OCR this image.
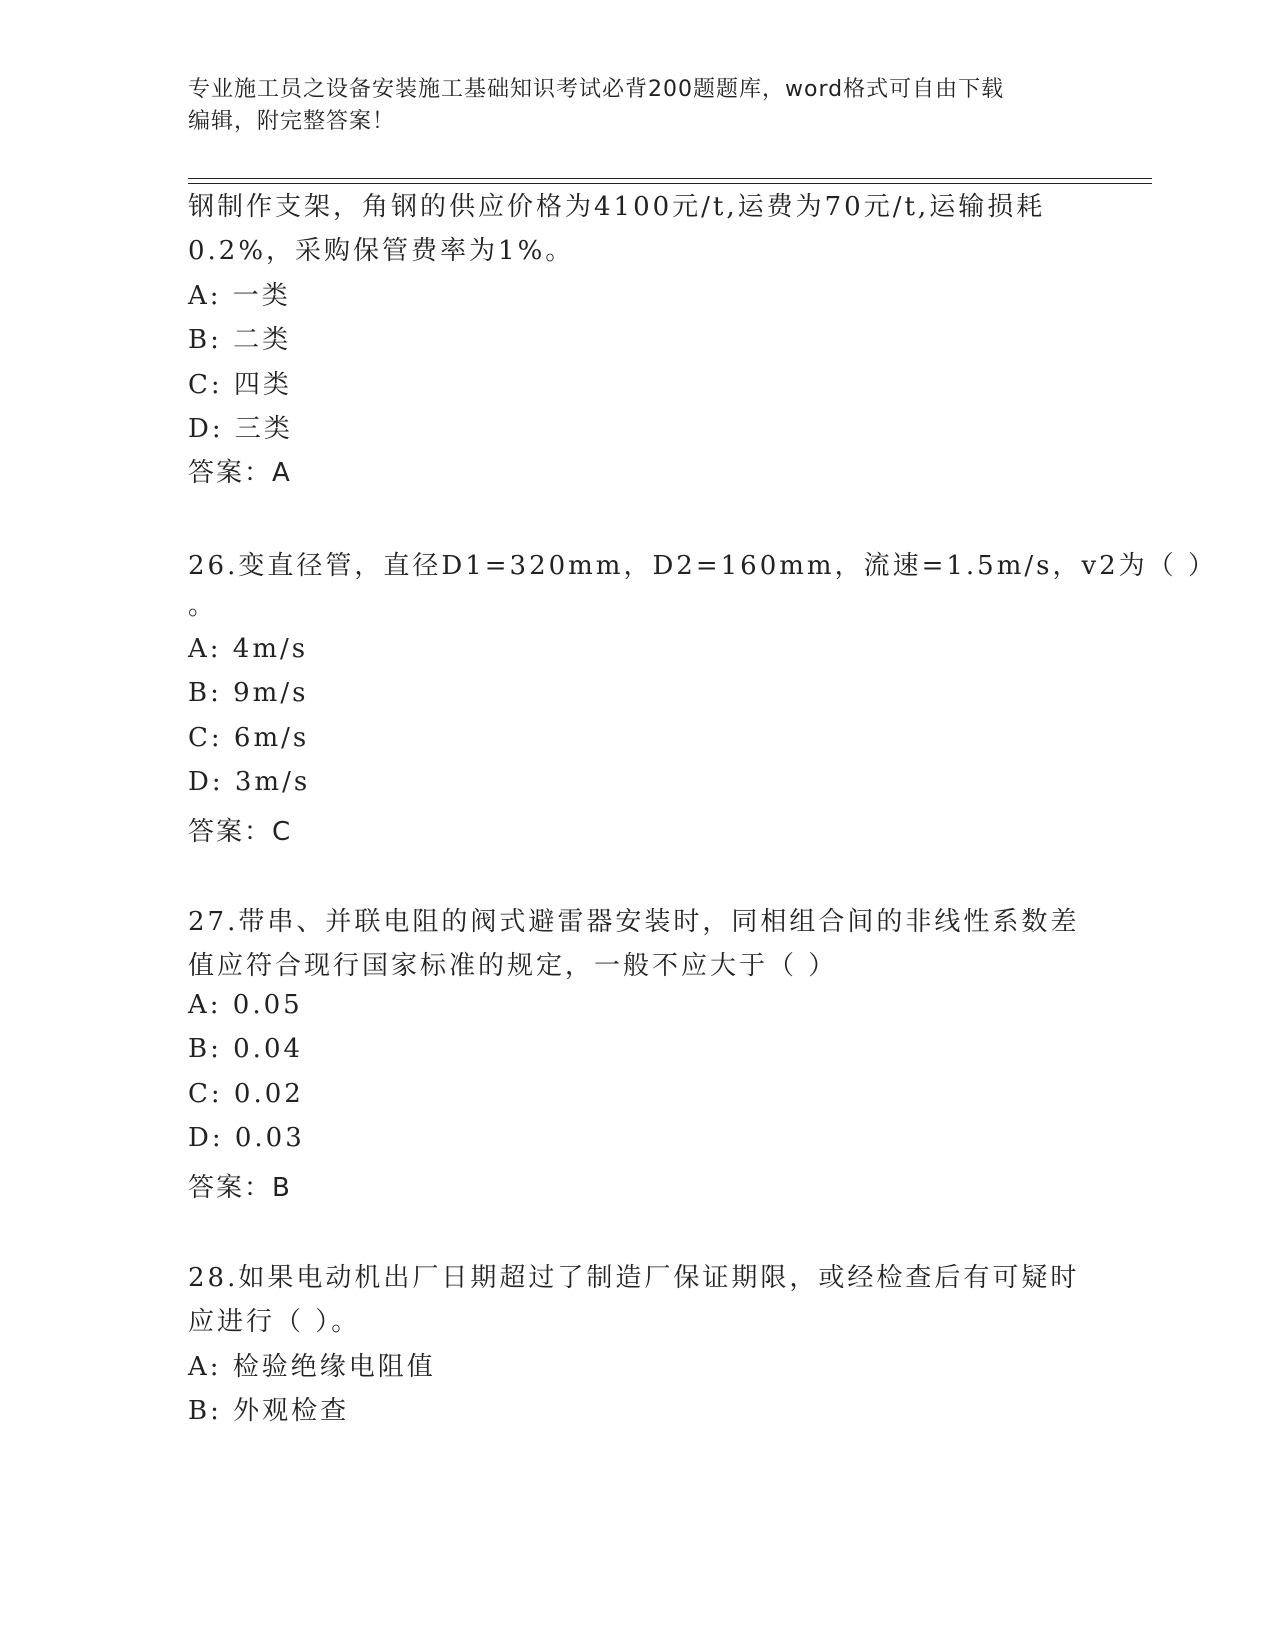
专业施工员之设备安装施工基础知识考试必背200题题库，word格式可自由下载
编辑，附完整答案！
钢制作支架，角钢的供应价格为4100元/t,运费为70元/t,运输损耗
0.2%，采购保管费率为1%。
A: 一类
B: 二类
C: 四类
D: 三类
答案：A
26.变直径管，直径D1=320mm，D2=160mm，流速=1.5m/s，v2为（ ）
。
A: 4m/s
B: 9m/s
C: 6m/s
D: 3m/s
答案：C
27.带串、并联电阻的阀式避雷器安装时，同相组合间的非线性系数差
值应符合现行国家标准的规定，一般不应大于（ ）
A: 0.05
B: 0.04
C: 0.02
D: 0.03
答案：B
28.如果电动机出厂日期超过了制造厂保证期限，或经检查后有可疑时
应进行（ ）。
A: 检验绝缘电阻值
B: 外观检查
